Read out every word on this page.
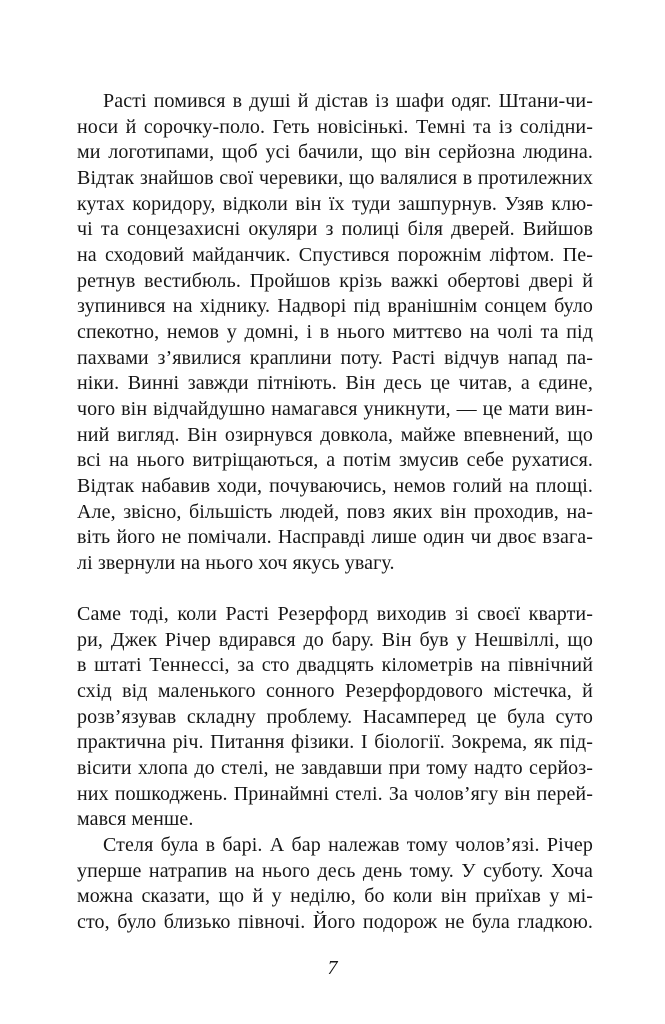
Расті помився в душі й дістав із шафи одяг. Штани-чи-
носи й сорочку-поло. Геть новісінькі. Темні та із солідни-
ми логотипами, щоб усі бачили, що він серйозна людина.
Відтак знайшов свої черевики, що валялися в протилежних
кутах коридору, відколи він їх туди зашпурнув. Узяв клю-
чі та сонцезахисні окуляри з полиці біля дверей. Вийшов
на сходовий майданчик. Спустився порожнім ліфтом. Пе-
ретнув вестибюль. Пройшов крізь важкі обертові двері й
зупинився на хіднику. Надворі під вранішнім сонцем було
спекотно, немов у домні, і в нього миттєво на чолі та під
пахвами з’явилися краплини поту. Расті відчув напад па-
ніки. Винні завжди пітніють. Він десь це читав, а єдине,
чого він відчайдушно намагався уникнути, — це мати вин-
ний вигляд. Він озирнувся довкола, майже впевнений, що
всі на нього витріщаються, а потім змусив себе рухатися.
Відтак набавив ходи, почуваючись, немов голий на площі.
Але, звісно, більшість людей, повз яких він проходив, на-
віть його не помічали. Насправді лише один чи двоє взага-
лі звернули на нього хоч якусь увагу.
Саме тоді, коли Расті Резерфорд виходив зі своєї кварти-
ри, Джек Річер вдирався до бару. Він був у Нешвіллі, що
в штаті Теннессі, за сто двадцять кілометрів на північний
схід від маленького сонного Резерфордового містечка, й
розв’язував складну проблему. Насамперед це була суто
практична річ. Питання фізики. І біології. Зокрема, як під-
вісити хлопа до стелі, не завдавши при тому надто серйоз-
них пошкоджень. Принаймні стелі. За чолов’ягу він перей-
мався менше.
Стеля була в барі. А бар належав тому чолов’язі. Річер
уперше натрапив на нього десь день тому. У суботу. Хоча
можна сказати, що й у неділю, бо коли він приїхав у мі-
сто, було близько півночі. Його подорож не була гладкою.
7
